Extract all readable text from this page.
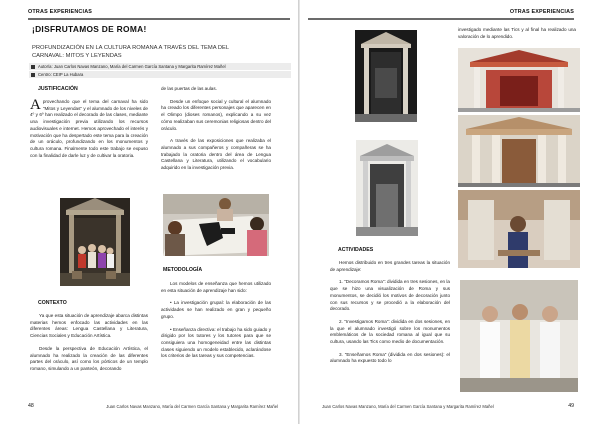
OTRAS EXPERIENCIAS
¡DISFRUTAMOS DE ROMA!
PROFUNDIZACIÓN EN LA CULTURA ROMANA A TRAVÉS DEL TEMA DEL CARNAVAL: MITOS Y LEYENDAS
Autor/a: Juan Carlos Navas Manzano, María del Carmen García Santana y Margarita Ramírez Mañel
Centro: CEIP La Hubara
JUSTIFICACIÓN

Aprovechando que el tema del carnaval ha sido "Mitos y Leyendas" y el alumnado de los niveles de 4º y 6º han realizado el decorado de las clases, mediante una investigación previa utilizando los recursos audiovisuales e internet. Hemos aprovechado el interés y motivación que ha despertado este tema para la creación de un oráculo, profundizando en los monumentos y cultura romana. Finalmente todo este trabajo se expuso con la finalidad de darle luz y de cultivar la oratoria.

CONTEXTO

Ya que esta situación de aprendizaje abarca distintas materias hemos enfocado las actividades en las diferentes áreas: Lengua Castellana y Literatura, Ciencias Sociales y Educación Artística.

Desde la perspectiva de Educación Artística, el alumnado ha realizado la creación de las diferentes partes del oráculo, así como los pórticos de un templo romano, simulando a un panteón, decorando

de las puertas de las aulas.

Desde un enfoque social y cultural el alumnado ha creado los diferentes personajes que aparecen en el Olimpo (dioses romanos), explicando a su vez cómo realizaban sus ceremonias religiosas dentro del oráculo.

A través de las exposiciones que realizaba el alumnado a sus compañeros y compañeras se ha trabajado la oratoria dentro del área de Lengua Castellana y Literatura, utilizando el vocabulario adquirido en la investigación previa.

METODOLOGÍA

Los modelos de enseñanza que hemos utilizado en esta situación de aprendizaje han sido:

• La investigación grupal: la elaboración de las actividades se han realizado en gran y pequeño grupo.

• Enseñanza directiva: el trabajo ha sido guiado y dirigido por los tutores y los tutores para que se consiguiera una homogeneidad entre las distintas clases siguiendo un modelo establecido, aclarándose los criterios de las tareas y sus competencias.

48	Juan Carlos Navas Manzano, María del Carmen García Santana y Margarita Ramírez Mañel
OTRAS EXPERIENCIAS

investigado mediante las Tics y al final ha realizado una valoración de lo aprendido.

ACTIVIDADES

Hemos distribuido en tres grandes tareas la situación de aprendizaje:

1. "Decoramos Roma": dividida en tres sesiones, en la que se hizo una visualización de Roma y sus monumentos, se decidió los motivos de decoración junto con sus recursos y se procedió a la elaboración del decorado.

2. "Investigamos Roma": dividida en dos sesiones, en la que el alumnado investigó sobre los monumentos emblemáticos de la sociedad romana al igual que su cultura, usando las Tics como medio de documentación.

3. "Enseñamos Roma" (dividida en dos sesiones): el alumnado ha expuesto todo lo

49
Juan Carlos Navas Manzano, María del Carmen García Santana y Margarita Ramírez Mañel
